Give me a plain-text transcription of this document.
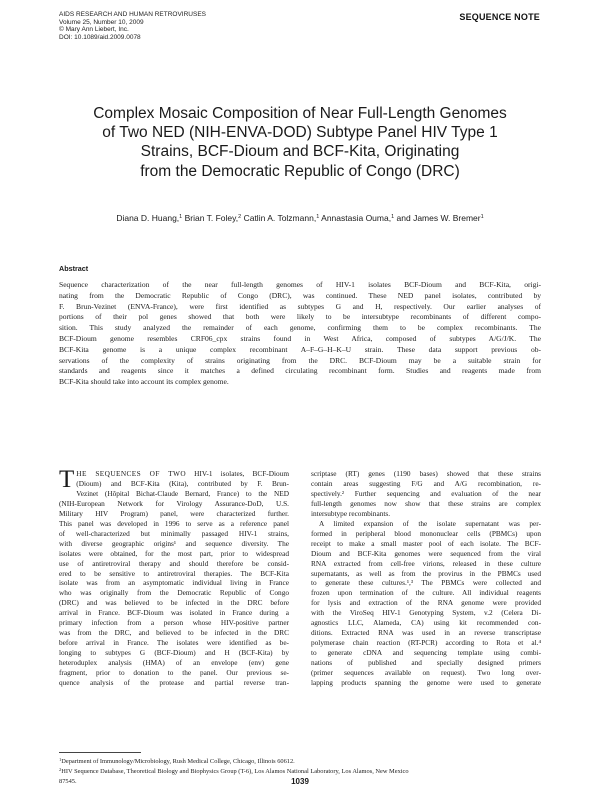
AIDS RESEARCH AND HUMAN RETROVIRUSES
Volume 25, Number 10, 2009
© Mary Ann Liebert, Inc.
DOI: 10.1089/aid.2009.0078
SEQUENCE NOTE
Complex Mosaic Composition of Near Full-Length Genomes
of Two NED (NIH-ENVA-DOD) Subtype Panel HIV Type 1
Strains, BCF-Dioum and BCF-Kita, Originating
from the Democratic Republic of Congo (DRC)
Diana D. Huang,$^1$ Brian T. Foley,$^2$ Catlin A. Tolzmann,$^1$ Annastasia Ouma,$^1$ and James W. Bremer$^1$
Abstract
Sequence characterization of the near full-length genomes of HIV-1 isolates BCF-Dioum and BCF-Kita, origi-
nating from the Democratic Republic of Congo (DRC), was continued. These NED panel isolates, contributed by
F. Brun-Vezinet (ENVA-France), were first identified as subtypes G and H, respectively. Our earlier analyses of
portions of their pol genes showed that both were likely to be intersubtype recombinants of different compo-
sition. This study analyzed the remainder of each genome, confirming them to be complex recombinants. The
BCF-Dioum genome resembles CRF06_cpx strains found in West Africa, composed of subtypes A/G/J/K. The
BCF-Kita genome is a unique complex recombinant A–F–G–H–K–U strain. These data support previous ob-
servations of the complexity of strains originating from the DRC. BCF-Dioum may be a suitable strain for
standards and reagents since it matches a defined circulating recombinant form. Studies and reagents made from
BCF-Kita should take into account its complex genome.
T HE SEQUENCES OF TWO HIV-1 isolates, BCF-Dioum
(Dioum) and BCF-Kita (Kita), contributed by F. Brun-
Vezinet (Hôpital Bichat-Claude Bernard, France) to the NED
(NIH-European Network for Virology Assurance-DoD, U.S.
Military HIV Program) panel, were characterized further.
This panel was developed in 1996 to serve as a reference panel
of well-characterized but minimally passaged HIV-1 strains,
with diverse geographic origins¹ and sequence diversity. The
isolates were obtained, for the most part, prior to widespread
use of antiretroviral therapy and should therefore be consid-
ered to be sensitive to antiretroviral therapies. The BCF-Kita
isolate was from an asymptomatic individual living in France
who was originally from the Democratic Republic of Congo
(DRC) and was believed to be infected in the DRC before
arrival in France. BCF-Dioum was isolated in France during a
primary infection from a person whose HIV-positive partner
was from the DRC, and believed to be infected in the DRC
before arrival in France. The isolates were identified as be-
longing to subtypes G (BCF-Dioum) and H (BCF-Kita) by
heteroduplex analysis (HMA) of an envelope (env) gene
fragment, prior to donation to the panel. Our previous se-
quence analysis of the protease and partial reverse tran-
scriptase (RT) genes (1190 bases) showed that these strains
contain areas suggesting F/G and A/G recombination, re-
spectively.² Further sequencing and evaluation of the near
full-length genomes now show that these strains are complex
intersubtype recombinants.
A limited expansion of the isolate supernatant was per-
formed in peripheral blood mononuclear cells (PBMCs) upon
receipt to make a small master pool of each isolate. The BCF-
Dioum and BCF-Kita genomes were sequenced from the viral
RNA extracted from cell-free virions, released in these culture
supernatants, as well as from the provirus in the PBMCs used
to generate these cultures.¹,³ The PBMCs were collected and
frozen upon termination of the culture. All individual reagents
for lysis and extraction of the RNA genome were provided
with the ViroSeq HIV-1 Genotyping System, v.2 (Celera Di-
agnostics LLC, Alameda, CA) using kit recommended con-
ditions. Extracted RNA was used in an reverse transcriptase
polymerase chain reaction (RT-PCR) according to Rota et al.⁴
to generate cDNA and sequencing template using combi-
nations of published and specially designed primers
(primer sequences available on request). Two long over-
lapping products spanning the genome were used to generate
$^1$Department of Immunology/Microbiology, Rush Medical College, Chicago, Illinois 60612.
$^2$HIV Sequence Database, Theoretical Biology and Biophysics Group (T-6), Los Alamos National Laboratory, Los Alamos, New Mexico
87545.	1039
